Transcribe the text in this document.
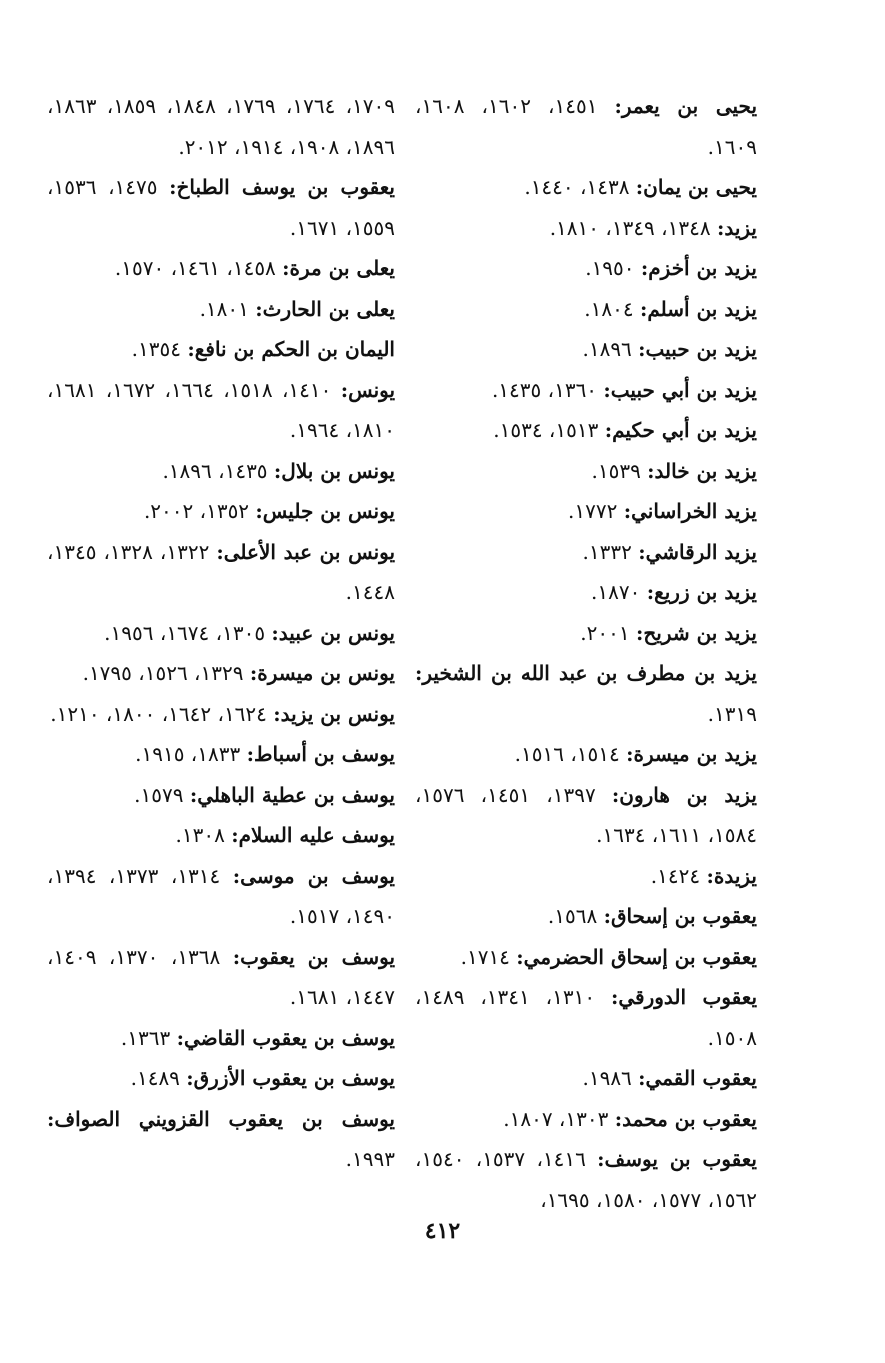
يحيى بن يعمر: ١٤٥١، ١٦٠٢، ١٦٠٨، ١٦٠٩.
يحيى بن يمان: ١٤٣٨، ١٤٤٠.
يزيد: ١٣٤٨، ١٣٤٩، ١٨١٠.
يزيد بن أخزم: ١٩٥٠.
يزيد بن أسلم: ١٨٠٤.
يزيد بن حبيب: ١٨٩٦.
يزيد بن أبي حبيب: ١٣٦٠، ١٤٣٥.
يزيد بن أبي حكيم: ١٥١٣، ١٥٣٤.
يزيد بن خالد: ١٥٣٩.
يزيد الخراساني: ١٧٧٢.
يزيد الرقاشي: ١٣٣٢.
يزيد بن زريع: ١٨٧٠.
يزيد بن شريح: ٢٠٠١.
يزيد بن مطرف بن عبد الله بن الشخير: ١٣١٩.
يزيد بن ميسرة: ١٥١٤، ١٥١٦.
يزيد بن هارون: ١٣٩٧، ١٤٥١، ١٥٧٦، ١٥٨٤، ١٦١١، ١٦٣٤.
يزيدة: ١٤٢٤.
يعقوب بن إسحاق: ١٥٦٨.
يعقوب بن إسحاق الحضرمي: ١٧١٤.
يعقوب الدورقي: ١٣١٠، ١٣٤١، ١٤٨٩، ١٥٠٨.
يعقوب القمي: ١٩٨٦.
يعقوب بن محمد: ١٣٠٣، ١٨٠٧.
يعقوب بن يوسف: ١٤١٦، ١٥٣٧، ١٥٤٠، ١٥٦٢، ١٥٧٧، ١٥٨٠، ١٦٩٥،
١٧٠٩، ١٧٦٤، ١٧٦٩، ١٨٤٨، ١٨٥٩، ١٨٦٣، ١٨٩٦، ١٩٠٨، ١٩١٤، ٢٠١٢.
يعقوب بن يوسف الطباخ: ١٤٧٥، ١٥٣٦، ١٥٥٩، ١٦٧١.
يعلى بن مرة: ١٤٥٨، ١٤٦١، ١٥٧٠.
يعلى بن الحارث: ١٨٠١.
اليمان بن الحكم بن نافع: ١٣٥٤.
يونس: ١٤١٠، ١٥١٨، ١٦٦٤، ١٦٧٢، ١٦٨١، ١٨١٠، ١٩٦٤.
يونس بن بلال: ١٤٣٥، ١٨٩٦.
يونس بن جليس: ١٣٥٢، ٢٠٠٢.
يونس بن عبد الأعلى: ١٣٢٢، ١٣٢٨، ١٣٤٥، ١٤٤٨.
يونس بن عبيد: ١٣٠٥، ١٦٧٤، ١٩٥٦.
يونس بن ميسرة: ١٣٢٩، ١٥٢٦، ١٧٩٥.
يونس بن يزيد: ١٦٢٤، ١٦٤٢، ١٨٠٠، ١٢١٠.
يوسف بن أسباط: ١٨٣٣، ١٩١٥.
يوسف بن عطية الباهلي: ١٥٧٩.
يوسف عليه السلام: ١٣٠٨.
يوسف بن موسى: ١٣١٤، ١٣٧٣، ١٣٩٤، ١٤٩٠، ١٥١٧.
يوسف بن يعقوب: ١٣٦٨، ١٣٧٠، ١٤٠٩، ١٤٤٧، ١٦٨١.
يوسف بن يعقوب القاضي: ١٣٦٣.
يوسف بن يعقوب الأزرق: ١٤٨٩.
يوسف بن يعقوب القزويني الصواف: ١٩٩٣.
٤١٢
